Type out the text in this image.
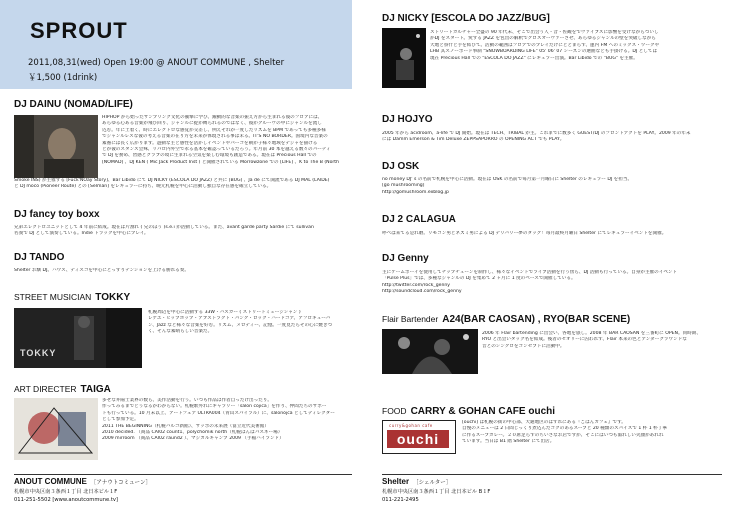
SPROUT
2011,08,31(wed) Open 19:00 @ ANOUT COMMUNE , Shelter
￥1,500 (1drink)
DJ DAINU (NOMAD/LIFE)
HIPHOP から始ったサンプリング文化の衝撃に学び、躍動的な音楽の振え方から生まれる彼のフロアには、
あらゆる心ある音楽が飛び回り、ジャンルに捉が縛られるのではなく、彼がグルーヴの中にジャンルを流し
込む。年に土着く、時にエレクトロな感覚が交差し、例えそれが一度したリズムを BPM であっても多種多様
でジャンルレスな彼の考える音楽の在り方を未来が体現される事は未る。IT'S NO BORDER。国境内な音楽の
素養には長く広がります。遊動な主と感性を活かしイベントやパーコを朝が子様々地域をデジャを描ける
とが彼のスタンス会殊、リパロ内外空で永る基本を確認っているだろう。年月前 30 本を越える数々のパーティ
で DJ を務め、皆感とクラブの境に生まれる空気を楽しむ環境も創造である。現在は Precious Hall での
[NOMAD] 、DJ KEN ( Mic Jack Product Inst ) と開催されている Morrowzone での [LIFE] 、K to The B (North
Smoke INS) が主催する [Fuck'NOay Story]、Bar Libido にて DJ NICKY (ESCOLA DO JAZZ) と共に [BUG] 、Ja de にて開流である DJ MAL (LAIDE)
と DJ moco (Pioneer Route) との [Selman] をレギュラーに持ち、晩元札幌を中心に活動し独自な存在感を確立している。
DJ fancy toy boxx
兄弟エレクトロユニットとして 4 年前に結成。現在は片割れ ( 兄のほう )s.e.i が活動している。また、avant garde party Sardie にて sullivan
名義で DJ として演奏している。Indie トラックを中心にプレイ。
DJ TANDO
Shelter お馴 DJ。ハウス、ディスコを中心にとっすりテンションを上げる勝れる奏。
STREET MUSICIAN TOKKY
TOKKY
札幌周辺を中心に活動する 33W・バスカー ( ストリートミュージシャン )
レゲエ・ヒップホップ・アブストラクト・パンク・ロック・ハードコア、アフロキューバ
ン、Jazz など様々な音楽を好む。リズム、メロディー、記憶。一度見たらその心に焼きつ
く、そんな素晴らしい音楽だ。
ART DIRECTER TAIGA
多せな井陽士業界の数ら、美作活動を行う。いつも作品は作者自ったけ出ったり。
作ってみるまでどうなるかわからない。札幌駅外れにギャラリー「salon cojica」を作り、仲間たちのサポー
トも行っている。10 月末以上、アートフェア ULTRA004（青山スパイラル）に、salonojca としてディレクター
として参加予定。
2011 THE BEGINNING（札幌バルコ新館）、サッポの未来展（富立近代美術館）
2010 decided. （商品 CAI02 count1、polychomik north（札幌ぱんぱパスネー場）
2009 mirroom （商品 CAI02 raund2 ）、マジカルキャンプ 2009 （手稲ハイランド）
DJ NICKY [ESCOLA DO JAZZ/BUG]
ストリートカルチャー全盛の 90 年代末、そこで出会う人・音・佐観をでヴァイブスに影響を受けながらついし
かDJ をスタート。愛する JAZZ を包出の解釈でクロスオーヴァーさせ、あらゆるジャンルの壁を突破しながら
大地と祭什と手を結びて。活動の範囲はフロアでのプレイだけにとどまらず、運内 FM へのミックス・ワークや
LHB 其スノーボード事制 "SNOWBOARDING LIFE" 05' 06' 07 シーズンの選曲なども手掛ける。DJ としては
現在 Precious Hall での "ESCOLA DO JAZZ" にレギュラー出演。Bar Libido での "BUG" を主催。
DJ HOJYO
2005 年から acidroom、a-life で DJ 開始。現在は TECH、TRIBAL が主。これまでに数多く GUEST/DJ のフロントアクトを PLAY。2009 年の年末
には Damm Emerson & Tim Deluxe ZEPPSAPORRO の OPENING ACT でも PLAY。
DJ OSK
no money DJ' s の名前で札幌を中心に活動。現在は OSK の名前で毎月第一月曜日に Shelter のレギュラー DJ を担当。
[go mushrooming]
http://gomushroom.exblog.jp
DJ 2 CALAGUA
呼べば来てる是れ磨。リモコン男とネズミ男による DJ デリバリー夢のタッグ！毎月最終月曜日 Shelter にてレギュラーイベントを開催。
DJ Genny
主にゲームボーイを使用してチップチューンを制作し、様々なイベントでライブ活動を行う傍ら、DJ 活動も行っている。自身が主催のイベント
「Pulse Plus」では、多種なジャンルの DJ を集めて 2 ヶ月に 1 度のペースで開催している。
http://twitter.com/rock_genny
http://soundcloud.com/rock_genny
Flair Bartender A24(BAR CAOSAN) , RYO(BAR SCENE)
2006 年 Flair bartending に出会い、各地を旅し。2008 年 BAR CAOSAN を三番町に OPEN。同時期、
RYO と出会いタッグ名を結成。後者のセオリーに囚われず、Flair 本来の色とアンダーグラウンドな
音とのシンクロをコンセプトに活動中。
FOOD CARRY & GOHAN CAFE ouchi
curry&gohan cafe
ouchi
[ouchi] は札幌の街の中心部、大通地区のはずれにある『ごはんカフェ』です。
自慢のメニューは 2 日間じっくり煮込んだコクのあるスープと 20 種類のスパイスで 1 杯 1 杯丁寧
に作るスープカレー。２０席足らずのちいさなお店ですが、そこにはいつも溢れしい笑顔があれれ
ています。当日は B1 階 Shelter にて出店。
ANOUT COMMUNE ［アナウトコミューン］
札幌市中央区南３条西１丁目 北日本ビル１F
011-251-5502 [www.anoutcommune.tv]
Shelter ［シェルター］
札幌市中央区南３条西１丁目 北日本ビル B１F
011-221-2495
